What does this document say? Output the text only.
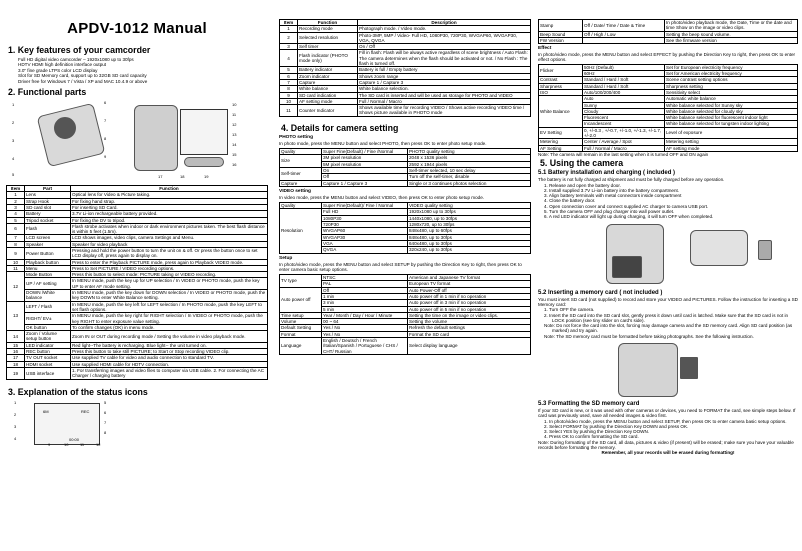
APDV-1012 Manual
1. Key features of your camcorder
Full HD digital video camcorder – 1920x1080 up to 30fps
HDTV HDMI high definition interface output
3.0" fine grade LTPS color LCD display
Slot for SD Memory card, support up to 32GB SD card capacity
Driver free for Windows 7 / Vista / XP and MAC 10.4.9 or above
2. Functional parts
1
2
3
4
5
6
7
8
9
10
11
12
13
14
15
16
17	18	19
Item	Part	Function
1	Lens	Optical lens for Video & Picture taking.
2	Strap Hook	For fixing hand strap.
3	SD card slot	For inserting SD Card.
4	Battery	3.7V Li-ion rechargeable battery provided.
5	Tripod socket	For fixing the DV to tripod.
6	Flash	Flash strobe activates when indoor or dark environment pictures taken. The best flash distance is within 5 feet (1.5m).
7	LCD screen	LCD shows images, video clips, camera Settings and Menu.
8	Speaker	Speaker for video playback
9	Power Button	Pressing and hold the power button to turn the unit on & off. Or press the button once to set LCD display off, press again to display on.
10	Playback button	Press to enter the Playback PICTURE mode, press again to Playback VIDEO mode.
11	Menu	Press to Set PICTURE / VIDEO recording options.
12	Mode Button	Press this button to select mode: PICTURE taking or VIDEO recording.
	UP / AF setting	In MENU mode, push the key up for UP selection / In VIDEO or PHOTO mode, push the key UP to enter AF mode setting.
	DOWN /White balance	In MENU mode, push the key down for DOWN selection / In VIDEO or PHOTO mode, push the key DOWN to enter White Balance setting.
13	LEFT / Flash	In MENU mode, push the key left for LEFT selection / In PHOTO mode, push the key LEFT to set flash options.
	RIGHT/ EV±	In MENU mode, push the key right for RIGHT selection / In VIDEO or PHOTO mode, push the key RIGHT to enter exposure value setting.
	OK button	To confirm changes (OK) in menu mode.
14	Zoom / Volume setup button	Zoom IN or OUT during recording mode / Setting the volume in video playback mode.
15	LED indicator	Red light--The battery is recharging. Blue light-- the unit turned on.
16	REC button	Press this button to take still PICTURE; to Start or Stop recording VIDEO clip.
17	TV OUT socket	Use supplied TV cable for video and audio connection to standard TV.
18	HDMI socket	Use supplied HDMI cable for HDTV connection.
19	USB interface	1. For transferring images and video files to computer via USB cable. 2. For connecting the AC Charger / charging battery
3. Explanation of the status icons
6M
00:00
REC
1
2
3
4
5
6
7
8
9	10	11	12
Item	Function	Description
1	Recording mode	Photograph mode. / Video mode.
2	Selected resolution	Photo-3MP, 5MP / Video- Full HD, 1080P30, 720P30, WVGAP60, WVGAP30, VGA, QVGA
3	Self timer	On / Off
4	Flash indicator (PHOTO mode only)	Fill in flash: Flash will be always active regardless of scene brightness / Auto Flash: The camera determines when the flash should be activated or not. / No Flash : The flash is turned off.
5	Battery indicator	Battery is full / Empty battery
6	Zoom indicator	Shows zoom range
7	Capture	Capture 1 / Capture 3
8	White balance	White balance selection.
9	SD card indication	The SD card is inserted and will be used as storage for PHOTO and VIDEO
10	AF setting mode	Full / Normal / Macro
11	Counter Indicator	Shows available time for recording VIDEO / Shows active recording VIDEO time / Shows picture available in PHOTO mode
4. Details for camera setting
PHOTO setting
In photo mode, press the MENU button and select PHOTO, then press OK to enter photo setup mode.
Quality	Super Fine(Default) / Fine /Normal	PHOTO quality setting
Size	3M pixel resolution	2048 x 1536 pixels
	5M pixel resolution	2592 x 1944 pixels
Self-timer	On	Self-timer selected, 10 sec delay
	Off	Turn off the self-timer, disable
Capture	Capture 1 / Capture 3	Single or 3 continues photos selection
VIDEO setting
In video mode, press the MENU button and select VIDEO, then press OK to enter photo setup mode.
Quality	Super Fine(Default)/ Fine / Normal	VIDEO quality setting
Resolution	Full HD	1920x1080 up to 30fps
	1080P30	1440x1080, up to 30fps
	720P30	1280x720, up to 30fps
	WVGAP60	848x480, up to 60fps
	WVGAP30	848x480, up to 30fps
	VGA	640x480, up to 30fps
	QVGA	320x240, up to 30fps
Setup
In photo/video mode, press the MENU button and select SETUP by pushing the Direction Key to right, then press OK to enter camera basic setup options.
TV type	NTSC	American and Japanese TV format
	PAL	European TV format
Auto power off	Off	Auto Power-Off off
	1 min	Auto power off in 1 min if no operation
	3 min	Auto power off in 3 min if no operation
	5 min	Auto power off in 5 min if no operation
Time setup	Year / Month / Day / Hour / Minute	Setting the time on the image or video clips.
Volume	00 ~ 64	Setting the volume
Default Setting	Yes / No	Refresh the default settings
Format	Yes / No	Format the SD card
Language	English / Deutsch / French /Italian/Spanish / Portuguese / CHS / CHT/ Russian	Select display language
Stamp	Off / Date/ Time / Date & Time	In photo/video playback mode, the Date, Time or the date and time Show on the image or video clips.
Beep Sound	Off / High / Low	Setting the beep sound volume.
FW Version		See the firmware version
Effect
In photo/video mode, press the MENU button and select EFFECT by pushing the Direction Key to right, then press OK to enter effect options.
Flicker	50Hz (Default)	Set for European electricity frequency
	60Hz	Set for American electricity frequency
Contrast	Standard / Hard / Soft	Scene contrast setting options
Sharpness	Standard / Hard / Soft	Sharpness setting
ISO	Auto/100/200/400	Sensitivity select
White Balance	Auto	Automatic white balance
	Sunny	White balance selected for Sunny sky
	Cloudy	White balance selected for cloudy sky
	Fluorescent	White balance selected for fluorescent indoor light
	Incandescent	White balance selected for tungsten indoor lighting
EV Setting	0, +/-0.3 , +/-0.7, +/-1.0, +/-1.3, +/-1.7, +/-2.0	Level of exposure
Metering	Center / Average / Spot	Metering setting
AF Setting	Full / Normal / Macro	AF setting mode
Note: The camera will remain in the last setting when it is turned OFF and ON again
5. Using the camera
5.1 Battery installation and charging ( included )
The battery is not fully charged at shipment and must be fully charged before any operation.
1. Release and open the battery door.
2. Install supplied 3.7V Li-ion battery into the battery compartment.
3. Align battery terminals with metal connectors inside compartment
4. Close the battery door.
4. Open connection cover and connect supplied AC charger to camera USB port.
5. Turn the camera OFF and plug charger into wall power outlet.
6. A red LED indicator will light up during charging, it will turn OFF when completed.
5.2 Inserting a memory card ( not included )
You must insert SD card (not supplied) to record and store your VIDEO and PICTURES. Follow the instruction for inserting a SD Memory card:
1. Turn OFF the camera.
2. Insert the SD card into the SD card slot, gently press it down until card is latched. Make sure that the SD card is not in LOCK position (see tiny slider on card's side).
Note: Do not force the card into the slot, forcing may damage camera and the SD memory card. Align SD card position (as marked) and try again.
Note: The SD memory card must be formatted before taking photographs. See the following instruction.
5.3 Formatting the SD memory card
If your SD card is new, or it was used with other cameras or devices, you need to FORMAT the card, see simple steps below. If card was previously used, save all needed images & video first.
1. In photo/video mode, press the MENU button and select SETUP, then press OK to enter camera basic setup options.
2. Select FORMAT by pushing the Direction Key DOWN and press OK.
3. Select YES by pushing the Direction Key DOWN.
4. Press OK to confirm formatting the SD card.
Note: During formatting of the SD card, all data, pictures & video (if present) will be erased; make sure you have your valuable records before formatting the memory.
Remember, all your records will be erased during formatting!
